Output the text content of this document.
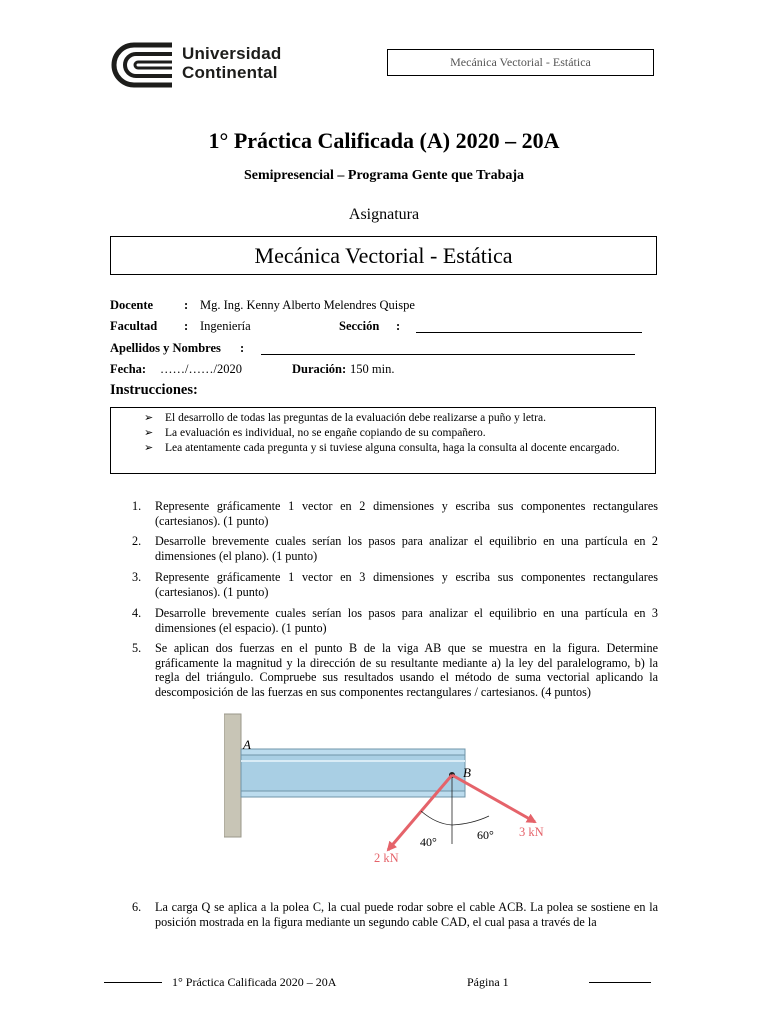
Universidad
Continental
Mecánica Vectorial - Estática
1° Práctica Calificada (A) 2020 – 20A
Semipresencial – Programa Gente que Trabaja
Asignatura
Mecánica Vectorial - Estática
Docente : Mg. Ing. Kenny Alberto Melendres Quispe
Facultad : Ingeniería	Sección :
Apellidos y Nombres :
Fecha: ……/……/2020	Duración: 150 min.
Instrucciones:
➢ El desarrollo de todas las preguntas de la evaluación debe realizarse a puño y letra.
➢ La evaluación es individual, no se engañe copiando de su compañero.
➢ Lea atentamente cada pregunta y si tuviese alguna consulta, haga la consulta al docente encargado.
1. Represente gráficamente 1 vector en 2 dimensiones y escriba sus componentes rectangulares (cartesianos). (1 punto)
2. Desarrolle brevemente cuales serían los pasos para analizar el equilibrio en una partícula en 2 dimensiones (el plano). (1 punto)
3. Represente gráficamente 1 vector en 3 dimensiones y escriba sus componentes rectangulares (cartesianos). (1 punto)
4. Desarrolle brevemente cuales serían los pasos para analizar el equilibrio en una partícula en 3 dimensiones (el espacio). (1 punto)
5. Se aplican dos fuerzas en el punto B de la viga AB que se muestra en la figura. Determine gráficamente la magnitud y la dirección de su resultante mediante a) la ley del paralelogramo, b) la regla del triángulo. Compruebe sus resultados usando el método de suma vectorial aplicando la descomposición de las fuerzas en sus componentes rectangulares / cartesianos. (4 puntos)
A
B
40°	60°
2 kN
3 kN
6. La carga Q se aplica a la polea C, la cual puede rodar sobre el cable ACB. La polea se sostiene en la posición mostrada en la figura mediante un segundo cable CAD, el cual pasa a través de la
1° Práctica Calificada 2020 – 20A	Página 1
